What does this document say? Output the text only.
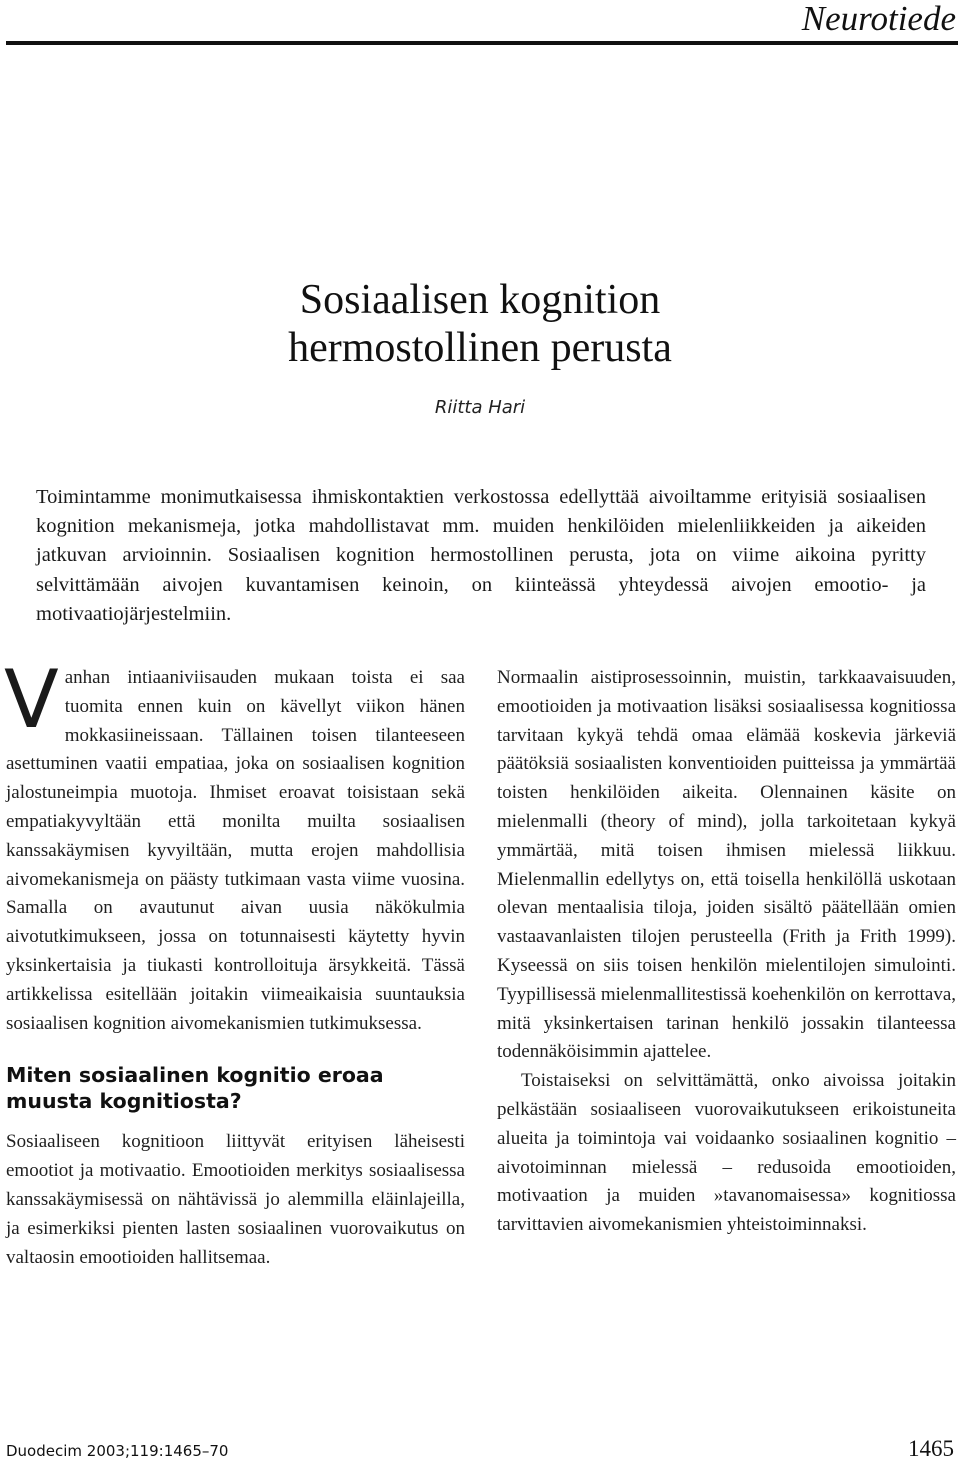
Neurotiede
Sosiaalisen kognition
hermostollinen perusta
Riitta Hari

Toimintamme monimutkaisessa ihmiskontaktien verkostossa edellyttää aivoiltamme erityisiä sosiaalisen kognition mekanismeja, jotka mahdollistavat mm. muiden henkilöiden mielenliikkeiden ja aikeiden jatkuvan arvioinnin. Sosiaalisen kognition hermostollinen perusta, jota on viime aikoina pyritty selvittämään aivojen kuvantamisen keinoin, on kiinteässä yhteydessä aivojen emootio- ja motivaatiojärjestelmiin.

Vanhan intiaaniviisauden mukaan toista ei saa tuomita ennen kuin on kävellyt viikon hänen mokkasiineissaan. Tällainen toisen tilanteeseen asettuminen vaatii empatiaa, joka on sosiaalisen kognition jalostuneimpia muotoja. Ihmiset eroavat toisistaan sekä empatiakyvyltään että monilta muilta sosiaalisen kanssakäymisen kyvyiltään, mutta erojen mahdollisia aivomekanismeja on päästy tutkimaan vasta viime vuosina. Samalla on avautunut aivan uusia näkökulmia aivotutkimukseen, jossa on totunnaisesti käytetty hyvin yksinkertaisia ja tiukasti kontrolloituja ärsykkeitä. Tässä artikkelissa esitellään joitakin viimeaikaisia suuntauksia sosiaalisen kognition aivomekanismien tutkimuksessa.

Miten sosiaalinen kognitio eroaa muusta kognitiosta?

Sosiaaliseen kognitioon liittyvät erityisen läheisesti emootiot ja motivaatio. Emootioiden merkitys sosiaalisessa kanssakäymisessä on nähtävissä jo alemmilla eläinlajeilla, ja esimerkiksi pienten lasten sosiaalinen vuorovaikutus on valtaosin emootioiden hallitsemaa.

Normaalin aistiprosessoinnin, muistin, tarkkaavaisuuden, emootioiden ja motivaation lisäksi sosiaalisessa kognitiossa tarvitaan kykyä tehdä omaa elämää koskevia järkeviä päätöksiä sosiaalisten konventioiden puitteissa ja ymmärtää toisten henkilöiden aikeita. Olennainen käsite on mielenmalli (theory of mind), jolla tarkoitetaan kykyä ymmärtää, mitä toisen ihmisen mielessä liikkuu. Mielenmallin edellytys on, että toisella henkilöllä uskotaan olevan mentaalisia tiloja, joiden sisältö päätellään omien vastaavanlaisten tilojen perusteella (Frith ja Frith 1999). Kyseessä on siis toisen henkilön mielentilojen simulointi. Tyypillisessä mielenmallitestissä koehenkilön on kerrottava, mitä yksinkertaisen tarinan henkilö jossakin tilanteessa todennäköisimmin ajattelee.

Toistaiseksi on selvittämättä, onko aivoissa joitakin pelkästään sosiaaliseen vuorovaikutukseen erikoistuneita alueita ja toimintoja vai voidaanko sosiaalinen kognitio – aivotoiminnan mielessä – redusoida emootioiden, motivaation ja muiden »tavanomaisessa» kognitiossa tarvittavien aivomekanismien yhteistoiminnaksi.

Duodecim 2003;119:1465–70	1465
